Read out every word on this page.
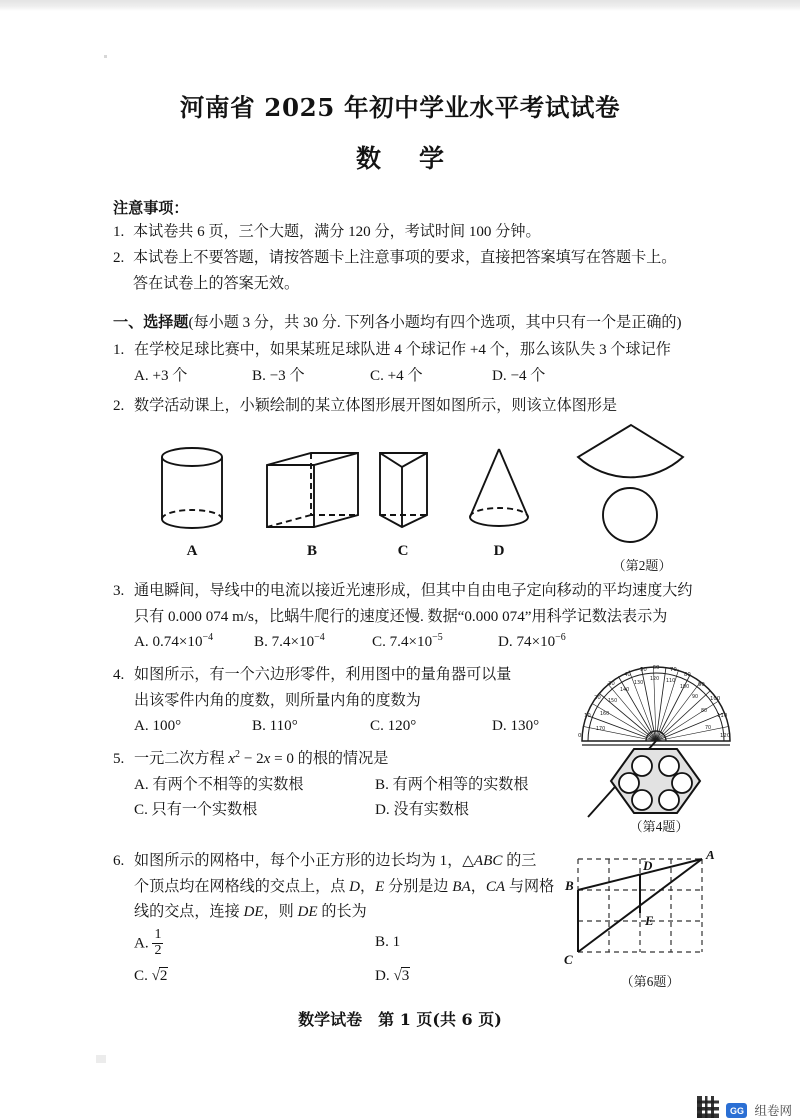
河南省 2025 年初中学业水平考试试卷
数 学
注意事项：
1. 本试卷共 6 页，三个大题，满分 120 分，考试时间 100 分钟。
2. 本试卷上不要答题，请按答题卡上注意事项的要求，直接把答案填写在答题卡上。
答在试卷上的答案无效。
一、选择题(每小题 3 分，共 30 分. 下列各小题均有四个选项，其中只有一个是正确的)
1. 在学校足球比赛中，如果某班足球队进 4 个球记作 +4 个，那么该队失 3 个球记作
A. +3 个	B. −3 个	C. +4 个	D. −4 个
2. 数学活动课上，小颖绘制的某立体图形展开图如图所示，则该立体图形是
A	B	C	D
（第2题）
3. 通电瞬间，导线中的电流以接近光速形成，但其中自由电子定向移动的平均速度大约
只有 0.000 074 m/s，比蜗牛爬行的速度还慢. 数据“0.000 074”用科学记数法表示为
A. $0.74\times 10^{-4}$	B. $7.4\times 10^{-4}$	C. $7.4\times 10^{-5}$	D. $74\times 10^{-6}$
4. 如图所示，有一个六边形零件，利用图中的量角器可以量
出该零件内角的度数，则所量内角的度数为
A. 100°	B. 110°	C. 120°	D. 130°
0
10
20
30
40
50 60 70
80
90
100
110
120
170
160
150
140
130
120 110
100
90
80
70
（第4题）
5. 一元二次方程 $x^2 - 2x = 0$ 的根的情况是
A. 有两个不相等的实数根	B. 有两个相等的实数根
C. 只有一个实数根	D. 没有实数根
6. 如图所示的网格中，每个小正方形的边长均为 1，△ABC 的三
个顶点均在网格线的交点上，点 D，E 分别是边 BA，CA 与网格
线的交点，连接 DE，则 DE 的长为
A. $\frac{1}{2}$	B. 1
C. √2	D. √3
A
B
C
D
E
（第6题）
数学试卷　第 1 页(共 6 页)
GG 组卷网
